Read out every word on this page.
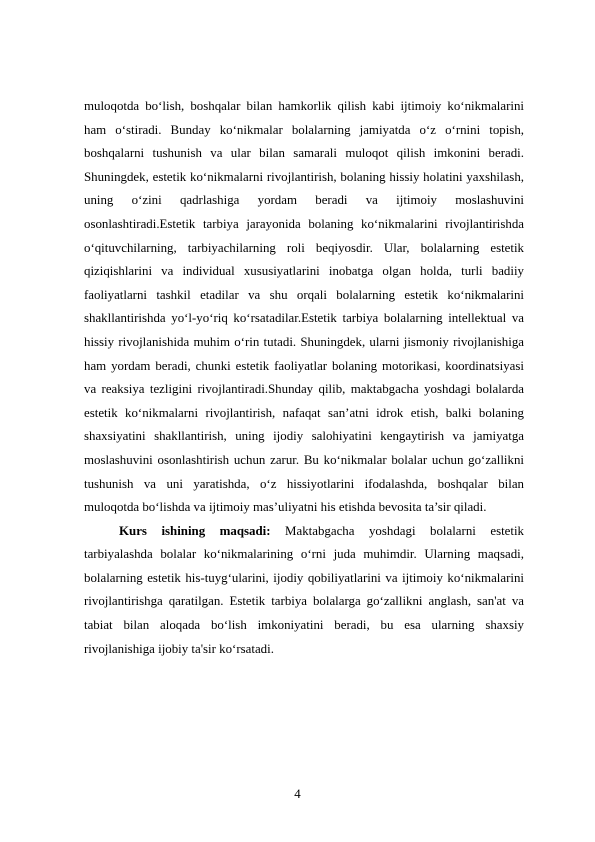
muloqotda bo‘lish, boshqalar bilan hamkorlik qilish kabi ijtimoiy ko‘nikmalarini ham o‘stiradi. Bunday ko‘nikmalar bolalarning jamiyatda o‘z o‘rnini topish, boshqalarni tushunish va ular bilan samarali muloqot qilish imkonini beradi. Shuningdek, estetik ko‘nikmalarni rivojlantirish, bolaning hissiy holatini yaxshilash, uning o‘zini qadrlashiga yordam beradi va ijtimoiy moslashuvini osonlashtiradi.Estetik tarbiya jarayonida bolaning ko‘nikmalarini rivojlantirishda o‘qituvchilarning, tarbiyachilarning roli beqiyosdir. Ular, bolalarning estetik qiziqishlarini va individual xususiyatlarini inobatga olgan holda, turli badiiy faoliyatlarni tashkil etadilar va shu orqali bolalarning estetik ko‘nikmalarini shakllantirishda yo‘l-yo‘riq ko‘rsatadilar.Estetik tarbiya bolalarning intellektual va hissiy rivojlanishida muhim o‘rin tutadi. Shuningdek, ularni jismoniy rivojlanishiga ham yordam beradi, chunki estetik faoliyatlar bolaning motorikasi, koordinatsiyasi va reaksiya tezligini rivojlantiradi.Shunday qilib, maktabgacha yoshdagi bolalarda estetik ko‘nikmalarni rivojlantirish, nafaqat san’atni idrok etish, balki bolaning shaxsiyatini shakllantirish, uning ijodiy salohiyatini kengaytirish va jamiyatga moslashuvini osonlashtirish uchun zarur. Bu ko‘nikmalar bolalar uchun go‘zallikni tushunish va uni yaratishda, o‘z hissiyotlarini ifodalashda, boshqalar bilan muloqotda bo‘lishda va ijtimoiy mas’uliyatni his etishda bevosita ta’sir qiladi.

Kurs ishining maqsadi: Maktabgacha yoshdagi bolalarni estetik tarbiyalashda bolalar ko‘nikmalarining o‘rni juda muhimdir. Ularning maqsadi, bolalarning estetik his-tuyg‘ularini, ijodiy qobiliyatlarini va ijtimoiy ko‘nikmalarini rivojlantirishga qaratilgan. Estetik tarbiya bolalarga go‘zallikni anglash, san'at va tabiat bilan aloqada bo‘lish imkoniyatini beradi, bu esa ularning shaxsiy rivojlanishiga ijobiy ta'sir ko‘rsatadi.

4
